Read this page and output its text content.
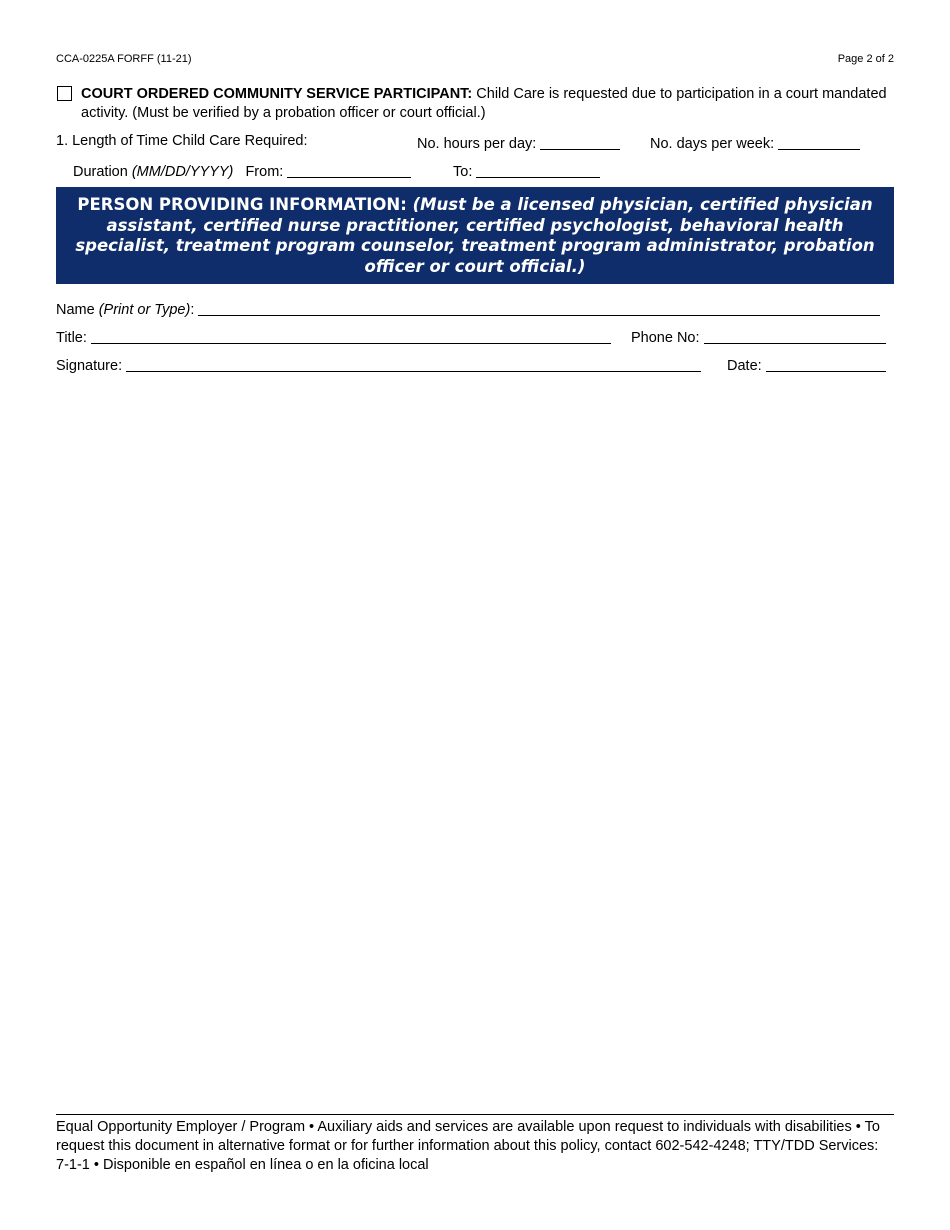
CCA-0225A FORFF (11-21)	Page 2 of 2
COURT ORDERED COMMUNITY SERVICE PARTICIPANT: Child Care is requested due to participation in a court mandated activity. (Must be verified by a probation officer or court official.)
1. Length of Time Child Care Required:	No. hours per day:	No. days per week:
Duration (MM/DD/YYYY) From:	To:
PERSON PROVIDING INFORMATION: (Must be a licensed physician, certified physician assistant, certified nurse practitioner, certified psychologist, behavioral health specialist, treatment program counselor, treatment program administrator, probation officer or court official.)
Name (Print or Type):
Title:	Phone No:
Signature:	Date:
Equal Opportunity Employer / Program • Auxiliary aids and services are available upon request to individuals with disabilities • To request this document in alternative format or for further information about this policy, contact 602-542-4248; TTY/TDD Services: 7-1-1 • Disponible en español en línea o en la oficina local
